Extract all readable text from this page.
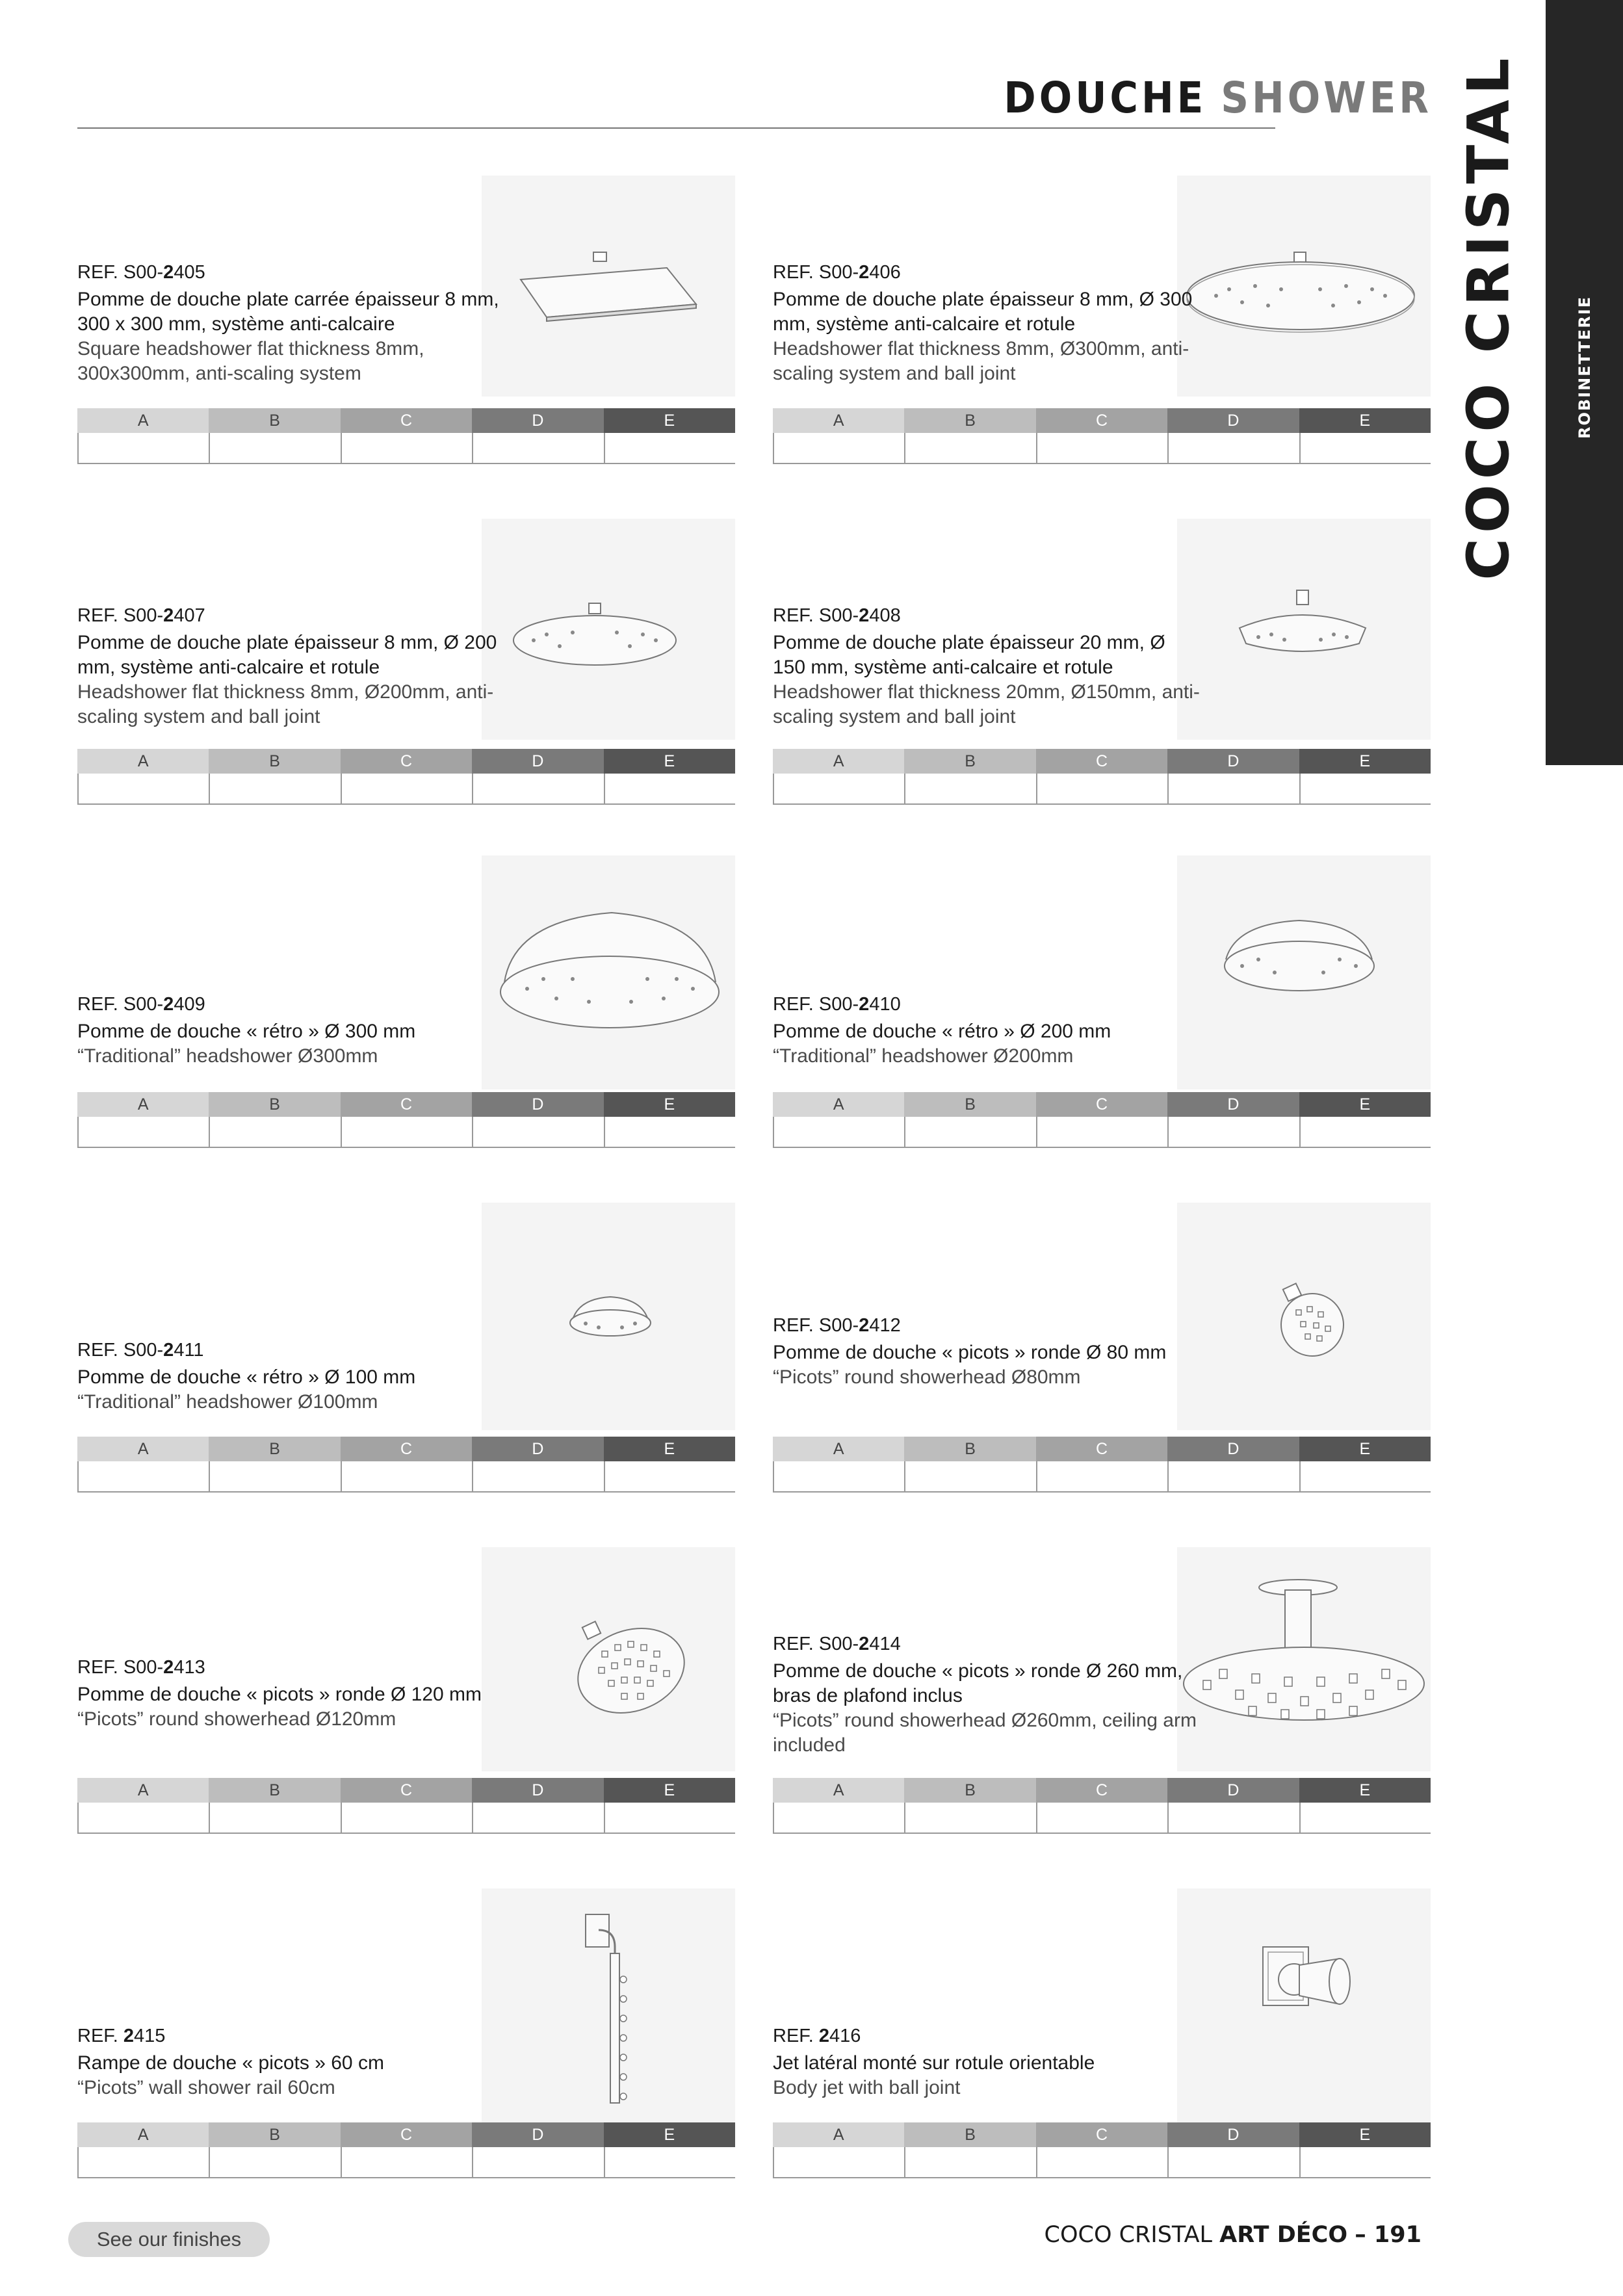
DOUCHE SHOWER
ROBINETTERIE
COCO CRISTAL
REF. S00-2405
Pomme de douche plate carrée épaisseur 8 mm, 300 x 300 mm, système anti-calcaire
Square headshower flat thickness 8mm, 300x300mm, anti-scaling system
A	B	C	D	E
REF. S00-2406
Pomme de douche plate épaisseur 8 mm, Ø 300 mm, système anti-calcaire et rotule
Headshower flat thickness 8mm, Ø300mm, anti-scaling system and ball joint
A	B	C	D	E
REF. S00-2407
Pomme de douche plate épaisseur 8 mm, Ø 200 mm, système anti-calcaire et rotule
Headshower flat thickness 8mm, Ø200mm, anti-scaling system and ball joint
A	B	C	D	E
REF. S00-2408
Pomme de douche plate épaisseur 20 mm, Ø 150 mm, système anti-calcaire et rotule
Headshower flat thickness 20mm, Ø150mm, anti-scaling system and ball joint
A	B	C	D	E
REF. S00-2409
Pomme de douche « rétro » Ø 300 mm
“Traditional” headshower Ø300mm
A	B	C	D	E
REF. S00-2410
Pomme de douche « rétro » Ø 200 mm
“Traditional” headshower Ø200mm
A	B	C	D	E
REF. S00-2411
Pomme de douche « rétro » Ø 100 mm
“Traditional” headshower Ø100mm
A	B	C	D	E
REF. S00-2412
Pomme de douche « picots » ronde Ø 80 mm
“Picots” round showerhead Ø80mm
A	B	C	D	E
REF. S00-2413
Pomme de douche « picots » ronde Ø 120 mm
“Picots” round showerhead Ø120mm
A	B	C	D	E
REF. S00-2414
Pomme de douche « picots » ronde Ø 260 mm, bras de plafond inclus
“Picots” round showerhead Ø260mm, ceiling arm included
A	B	C	D	E
REF. 2415
Rampe de douche « picots » 60 cm
“Picots” wall shower rail 60cm
A	B	C	D	E
REF. 2416
Jet latéral monté sur rotule orientable
Body jet with ball joint
A	B	C	D	E
See our finishes	COCO CRISTAL ART DÉCO – 191
